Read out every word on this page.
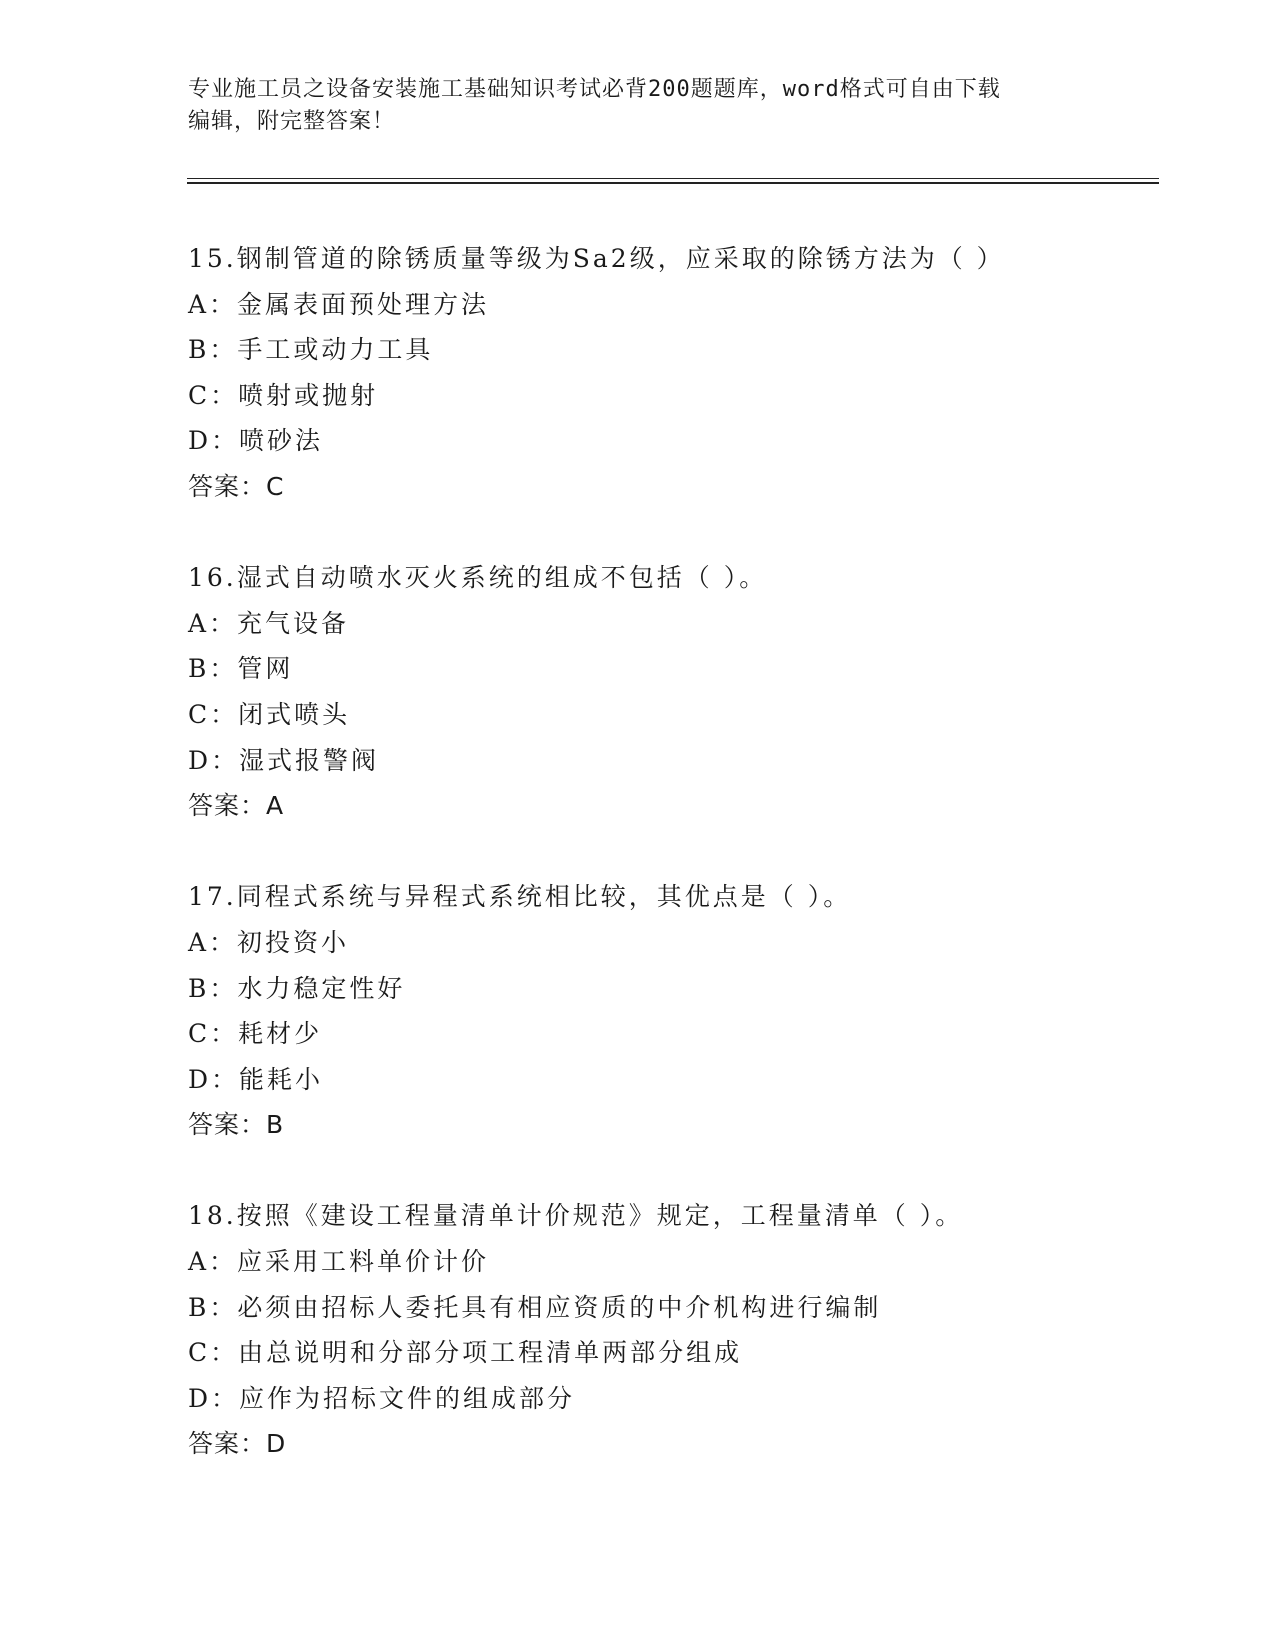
专业施工员之设备安装施工基础知识考试必背200题题库，word格式可自由下载
编辑，附完整答案！
15.钢制管道的除锈质量等级为Sa2级，应采取的除锈方法为（ ）
A：金属表面预处理方法
B：手工或动力工具
C：喷射或抛射
D：喷砂法
答案：C
16.湿式自动喷水灭火系统的组成不包括（ ）。
A：充气设备
B：管网
C：闭式喷头
D：湿式报警阀
答案：A
17.同程式系统与异程式系统相比较，其优点是（ ）。
A：初投资小
B：水力稳定性好
C：耗材少
D：能耗小
答案：B
18.按照《建设工程量清单计价规范》规定，工程量清单（ ）。
A：应采用工料单价计价
B：必须由招标人委托具有相应资质的中介机构进行编制
C：由总说明和分部分项工程清单两部分组成
D：应作为招标文件的组成部分
答案：D
